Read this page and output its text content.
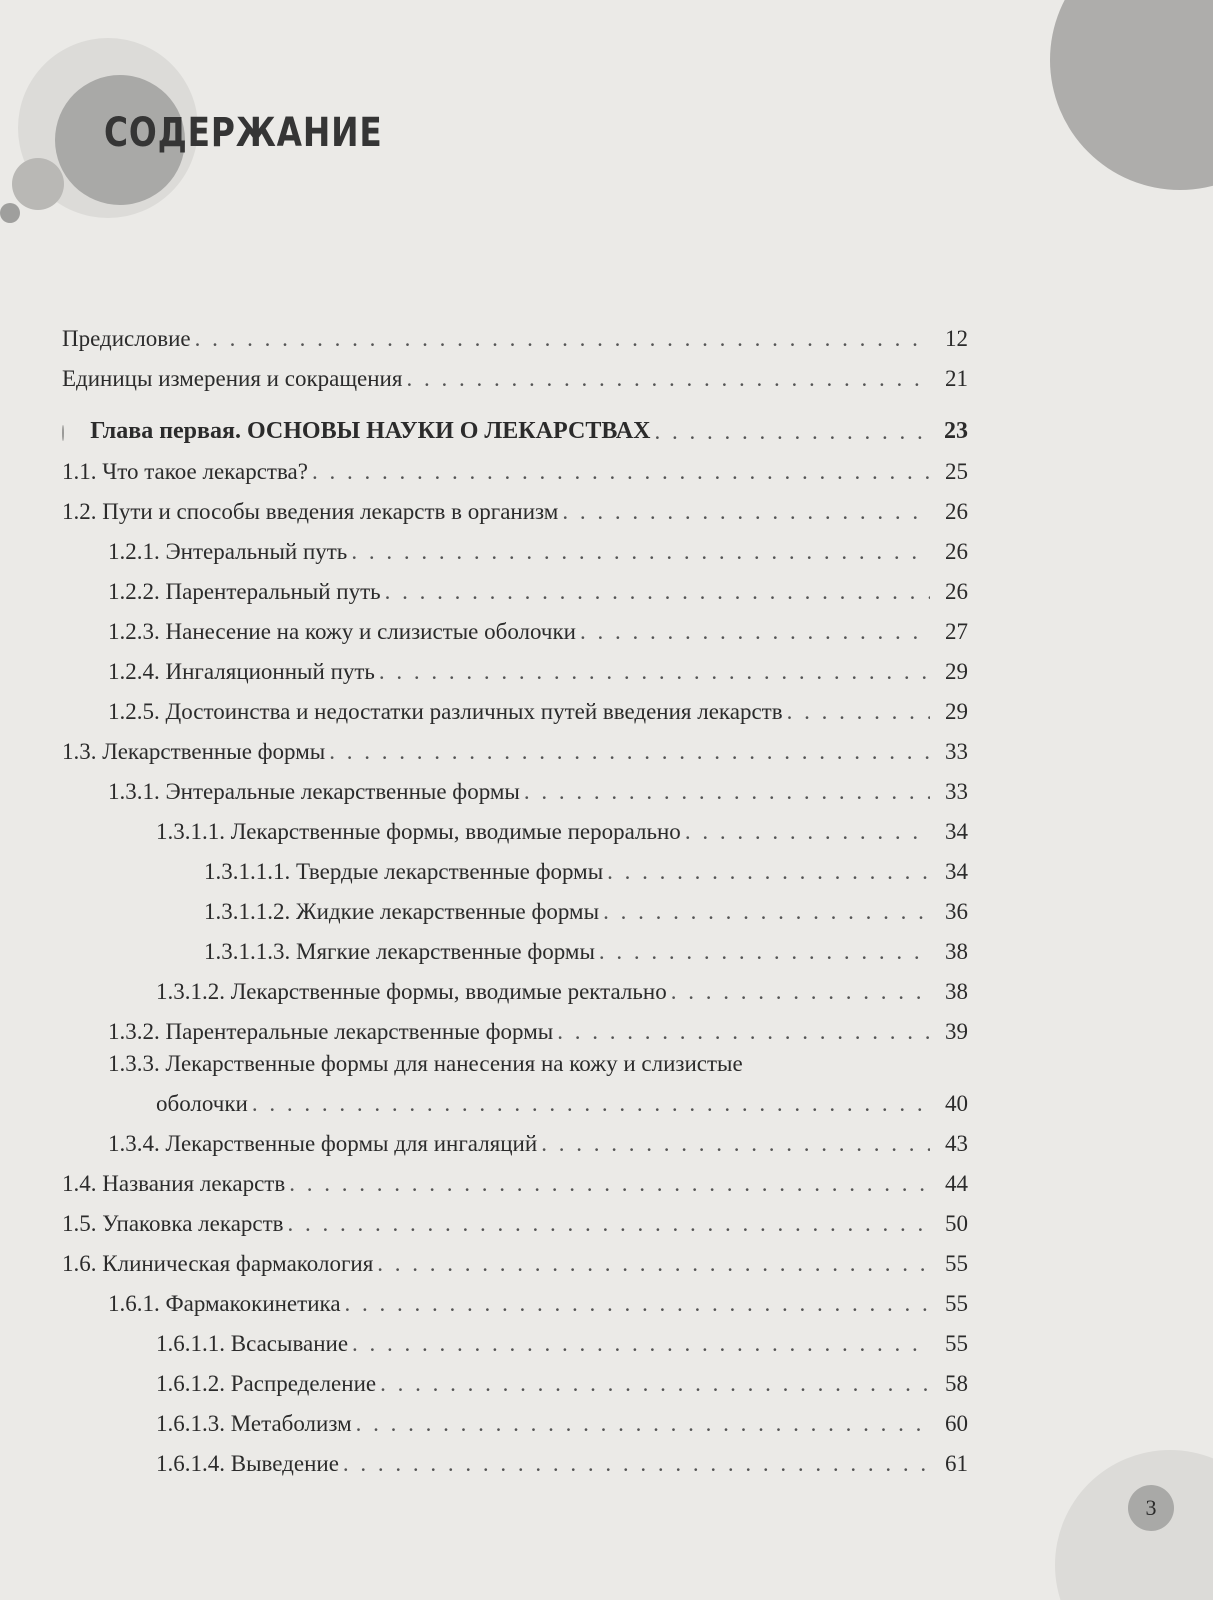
СОДЕРЖАНИЕ
Предисловие . . .	12
Единицы измерения и сокращения . . .	21
Глава первая. ОСНОВЫ НАУКИ О ЛЕКАРСТВАХ . . .	23
1.1. Что такое лекарства? . . .	25
1.2. Пути и способы введения лекарств в организм . . .	26
1.2.1. Энтеральный путь . . .	26
1.2.2. Парентеральный путь . . .	26
1.2.3. Нанесение на кожу и слизистые оболочки . . .	27
1.2.4. Ингаляционный путь . . .	29
1.2.5. Достоинства и недостатки различных путей введения лекарств . . .	29
1.3. Лекарственные формы . . .	33
1.3.1. Энтеральные лекарственные формы . . .	33
1.3.1.1. Лекарственные формы, вводимые перорально . . .	34
1.3.1.1.1. Твердые лекарственные формы . . .	34
1.3.1.1.2. Жидкие лекарственные формы . . .	36
1.3.1.1.3. Мягкие лекарственные формы . . .	38
1.3.1.2. Лекарственные формы, вводимые ректально . . .	38
1.3.2. Парентеральные лекарственные формы . . .	39
1.3.3. Лекарственные формы для нанесения на кожу и слизистые
оболочки . . .	40
1.3.4. Лекарственные формы для ингаляций . . .	43
1.4. Названия лекарств . . .	44
1.5. Упаковка лекарств . . .	50
1.6. Клиническая фармакология . . .	55
1.6.1. Фармакокинетика . . .	55
1.6.1.1. Всасывание . . .	55
1.6.1.2. Распределение . . .	58
1.6.1.3. Метаболизм . . .	60
1.6.1.4. Выведение . . .	61
3
